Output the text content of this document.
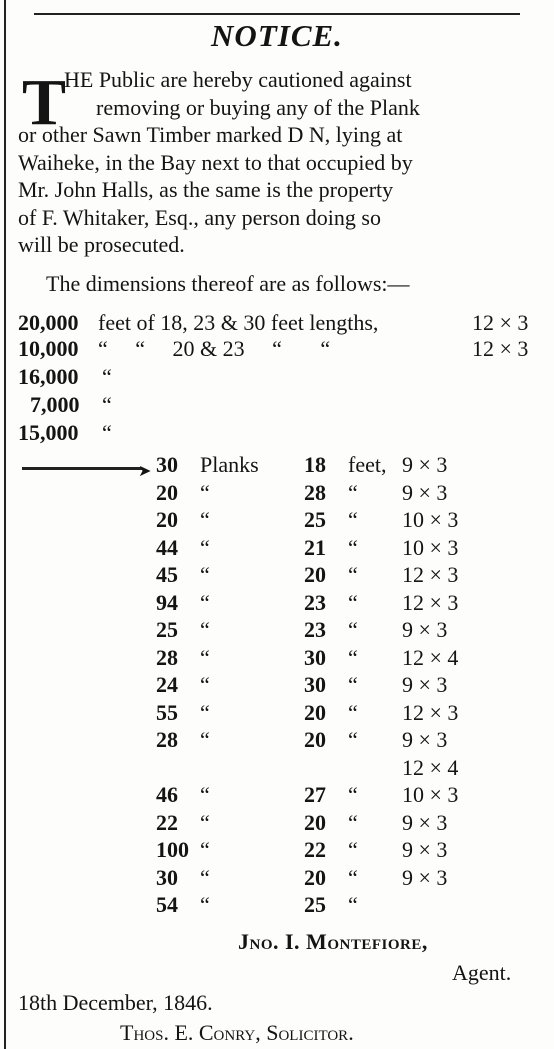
NOTICE.
T
HE Public are hereby cautioned against
removing or buying any of the Plank
or other Sawn Timber marked D N, lying at
Waiheke, in the Bay next to that occupied by
Mr. John Halls, as the same is the property
of F. Whitaker, Esq., any person doing so
will be prosecuted.
The dimensions thereof are as follows:—
20,000 feet of 18, 23 & 30 feet lengths,	12 × 3
10,000 “     “     20 & 23     “       “	12 × 3
16,000 “
7,000 “
15,000 “
➤ 30 Planks 18 feet, 9 × 3
20 “	28 “ 9 × 3
20 “	25 “ 10 × 3
44 “	21 “ 10 × 3
45 “	20 “ 12 × 3
94 “	23 “ 12 × 3
25 “	23 “ 9 × 3
28 “	30 “ 12 × 4
24 “	30 “ 9 × 3
55 “	20 “ 12 × 3
28 “	20 “ 9 × 3
12 × 4
46 “	27 “ 10 × 3
22 “	20 “ 9 × 3
100 “	22 “ 9 × 3
30 “	20 “ 9 × 3
54 “	25 “
Jno. I. Montefiore,
Agent.
18th December, 1846.
Thos. E. Conry, Solicitor.
